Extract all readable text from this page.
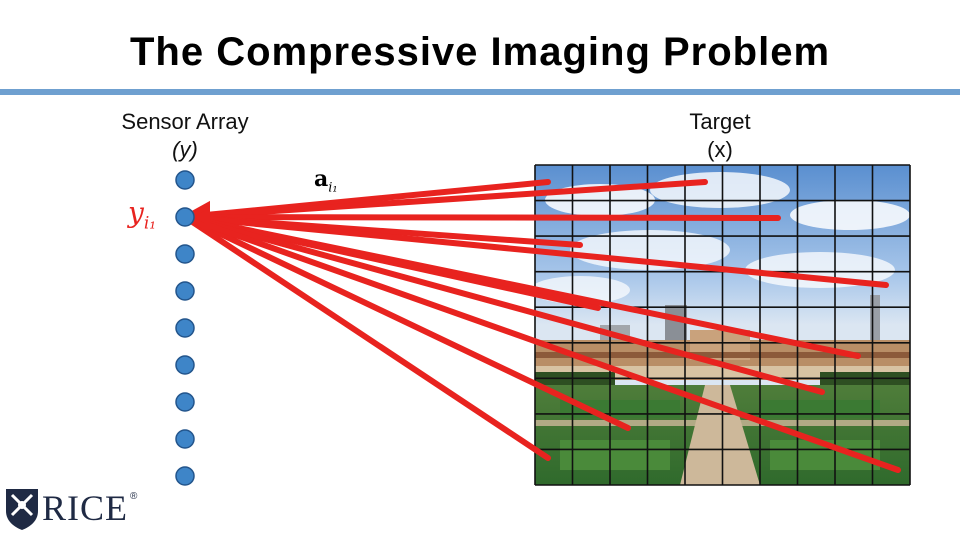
The Compressive Imaging Problem
Sensor Array
(y)
Target
(x)
$y_{i_1}$
$a_{i_1}$
RICE ®
